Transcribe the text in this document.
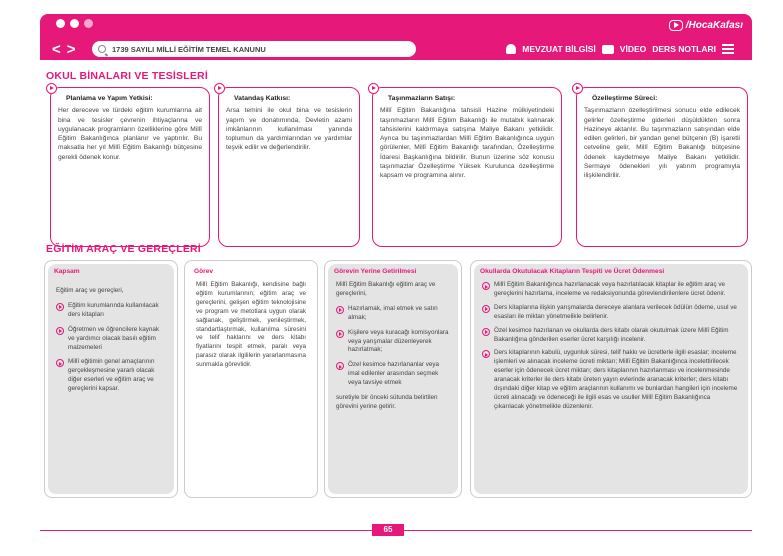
/HocaKafası
<>	1739 SAYILI MİLLİ EĞİTİM TEMEL KANUNU	MEVZUAT BİLGİSİ	VİDEO DERS NOTLARI
OKUL BİNALARI VE TESİSLERİ
Planlama ve Yapım Yetkisi:
Her dereceve ve türdeki eğitim kurumlarına ait bina ve tesisler çevrenin ihtiyaçlarına ve uygulanacak programların özelliklerine göre Millî Eğitim Bakanlığınca planlanır ve yaptırılır. Bu maksatla her yıl Millî Eğitim Bakanlığı bütçesine gerekli ödenek konur.
Vatandaş Katkısı:
Arsa temini ile okul bina ve tesislerin yapım ve donatımında, Devletin azami imkânlarının kullanılması yanında toplumun da yardımlarından ve yardımlar teşvik edilir ve değerlendirilir.
Taşınmazların Satışı:
Millî Eğitim Bakanlığına tahsisli Hazine mülkiyetindeki taşınmazların Millî Eğitim Bakanlığı ile mutabık kalınarak tahsislerini kaldırmaya satışına Maliye Bakanı yetkilidir. Ayrıca bu taşınmazlardan Millî Eğitim Bakanlığınca uygun görülenler, Millî Eğitim Bakanlığı tarafından, Özelleştirme İdaresi Başkanlığına bildirilir. Bunun üzerine söz konusu taşınmazlar Özelleştirme Yüksek Kurulunca özelleştirme kapsam ve programına alınır.
Özelleştirme Süreci:
Taşınmazların özelleştirilmesi sonucu elde edilecek gelirler özelleştirme giderleri düşüldükten sonra Hazineye aktarılır. Bu taşınmazların satışından elde edilen gelirleri, bir yandan genel bütçenin (B) işaretli cetveline gelir, Millî Eğitim Bakanlığı bütçesine ödenek kaydetmeye Maliye Bakanı yetkilidir. Sermaye ödenekleri yılı yatırım programıyla ilişkilendirilir.
EĞİTİM ARAÇ VE GEREÇLERİ
Kapsam
Eğitim araç ve gereçleri,
Eğitim kurumlarında kullanılacak ders kitapları
Öğretmen ve öğrencilere kaynak ve yardımcı olacak basılı eğitim malzemeleri
Millî eğitimin genel amaçlarının gerçekleşmesine yararlı olacak diğer eserleri ve eğitim araç ve gereçlerini kapsar.
Görev
Millî Eğitim Bakanlığı, kendisine bağlı eğitim kurumlarının; eğitim araç ve gereçlerini, gelişen eğitim teknolojisine ve program ve metotlara uygun olarak sağlanak, geliştirmek, yenileştirmek, standartlaştırmak, kullanılma süresini ve telif haklarını ve ders kitabı fiyatlarını tespit etmek, paralı veya parasız olarak ilgililerin yararlanmasına sunmakla görevlidir.
Görevin Yerine Getirilmesi
Millî Eğitim Bakanlığı eğitim araç ve gereçlerini,
Hazırlamak, imal etmek ve satın almak;
Kişilere veya kuracağı komisyonlara veya yarışmalar düzenleyerek hazırlatmak;
Özel kesimce hazırlananlar veya imal edilenler arasından seçmek veya tavsiye etmek
suretiyle bir önceki sütunda belirtilen görevini yerine getirir.
Okullarda Okutulacak Kitapların Tespiti ve Ücret Ödenmesi
Millî Eğitim Bakanlığınca hazırlanacak veya hazırlatılacak kitaplar ile eğitim araç ve gereçlerini hazırlama, inceleme ve redaksiyonunda görevlendirilenlere ücret ödenir.
Ders kitaplarına ilişkin yarışmalarda dereceye alanlara verilecek ödülün ödeme, usul ve esasları ile miktarı yönetmelikle belirlenir.
Özel kesimce hazırlanan ve okullarda ders kitabı olarak okutulmak üzere Millî Eğitim Bakanlığına gönderilen eserler ücret karşılığı incelenir.
Ders kitaplarının kabulü, uygunluk süresi, telif hakkı ve ücretlerle ilgili esaslar; inceleme işlemleri ve alınacak inceleme ücreti miktarı; Millî Eğitim Bakanlığınca incelettirilecek eserler için ödenecek ücret miktarı; ders kitaplarının hazırlanması ve incelenmesinde aranacak kriterler ile ders kitabı üreten yayın evlerinde aranacak kriterler; ders kitabı dışındaki diğer kitap ve eğitim araçlarının kullanımı ve bunlardan hangileri için inceleme ücreti alınacağı ve ödeneceği ile ilgili esas ve usuller Millî Eğitim Bakanlığınca çıkarılacak yönetmelikle düzenlenir.
65
